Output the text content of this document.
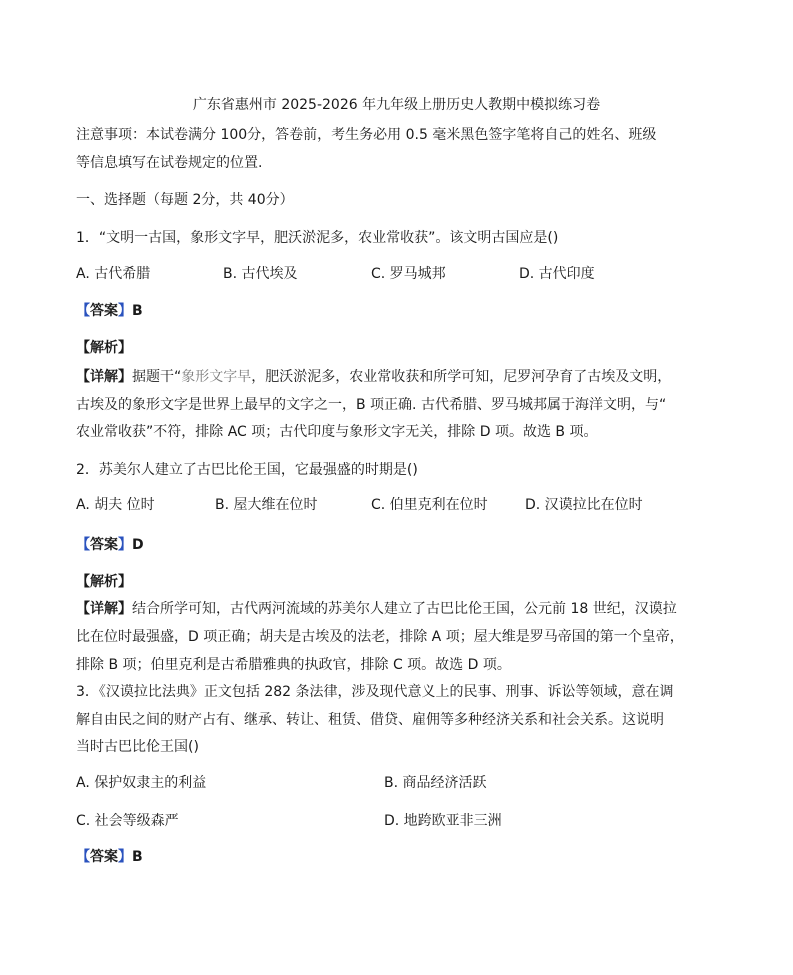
广东省惠州市 2025-2026 年九年级上册历史人教期中模拟练习卷
注意事项：本试卷满分 100分，答卷前，考生务必用 0.5 毫米黑色签字笔将自己的姓名、班级
等信息填写在试卷规定的位置.
一、选择题（每题 2分，共 40分）
1．“文明一古国，象形文字早，肥沃淤泥多，农业常收获”。该文明古国应是()
A. 古代希腊	B. 古代埃及	C. 罗马城邦	D. 古代印度
【答案】B
【解析】
【详解】据题干“象形文字早，肥沃淤泥多，农业常收获和所学可知，尼罗河孕育了古埃及文明，
古埃及的象形文字是世界上最早的文字之一，B 项正确. 古代希腊、罗马城邦属于海洋文明，与“
农业常收获”不符，排除 AC 项；古代印度与象形文字无关，排除 D 项。故选 B 项。
2．苏美尔人建立了古巴比伦王国，它最强盛的时期是()
A. 胡夫 位时	B. 屋大维在位时	C. 伯里克利在位时	D. 汉谟拉比在位时
【答案】D
【解析】
【详解】结合所学可知，古代两河流域的苏美尔人建立了古巴比伦王国，公元前 18 世纪，汉谟拉
比在位时最强盛，D 项正确；胡夫是古埃及的法老，排除 A 项；屋大维是罗马帝国的第一个皇帝，
排除 B 项；伯里克利是古希腊雅典的执政官，排除 C 项。故选 D 项。
3．《汉谟拉比法典》正文包括 282 条法律，涉及现代意义上的民事、刑事、诉讼等领域，意在调
解自由民之间的财产占有、继承、转让、租赁、借贷、雇佣等多种经济关系和社会关系。这说明
当时古巴比伦王国()
A. 保护奴隶主的利益	B. 商品经济活跃
C. 社会等级森严	D. 地跨欧亚非三洲
【答案】B
